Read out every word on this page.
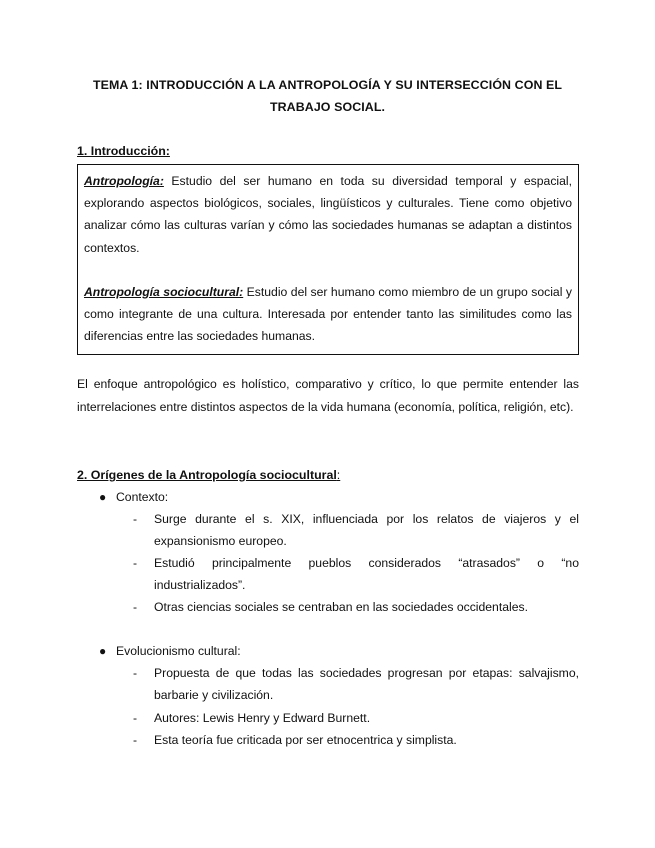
TEMA 1: INTRODUCCIÓN A LA ANTROPOLOGÍA Y SU INTERSECCIÓN CON EL
TRABAJO SOCIAL.
1. Introducción:

Antropología: Estudio del ser humano en toda su diversidad temporal y espacial, explorando aspectos biológicos, sociales, lingüísticos y culturales. Tiene como objetivo analizar cómo las culturas varían y cómo las sociedades humanas se adaptan a distintos contextos.

Antropología sociocultural: Estudio del ser humano como miembro de un grupo social y como integrante de una cultura. Interesada por entender tanto las similitudes como las diferencias entre las sociedades humanas.

El enfoque antropológico es holístico, comparativo y crítico, lo que permite entender las interrelaciones entre distintos aspectos de la vida humana (economía, política, religión, etc).

2. Orígenes de la Antropología sociocultural:
● Contexto:
- Surge durante el s. XIX, influenciada por los relatos de viajeros y el expansionismo europeo.
- Estudió principalmente pueblos considerados “atrasados” o “no industrializados”.
- Otras ciencias sociales se centraban en las sociedades occidentales.
● Evolucionismo cultural:
- Propuesta de que todas las sociedades progresan por etapas: salvajismo, barbarie y civilización.
- Autores: Lewis Henry y Edward Burnett.
- Esta teoría fue criticada por ser etnocentrica y simplista.
